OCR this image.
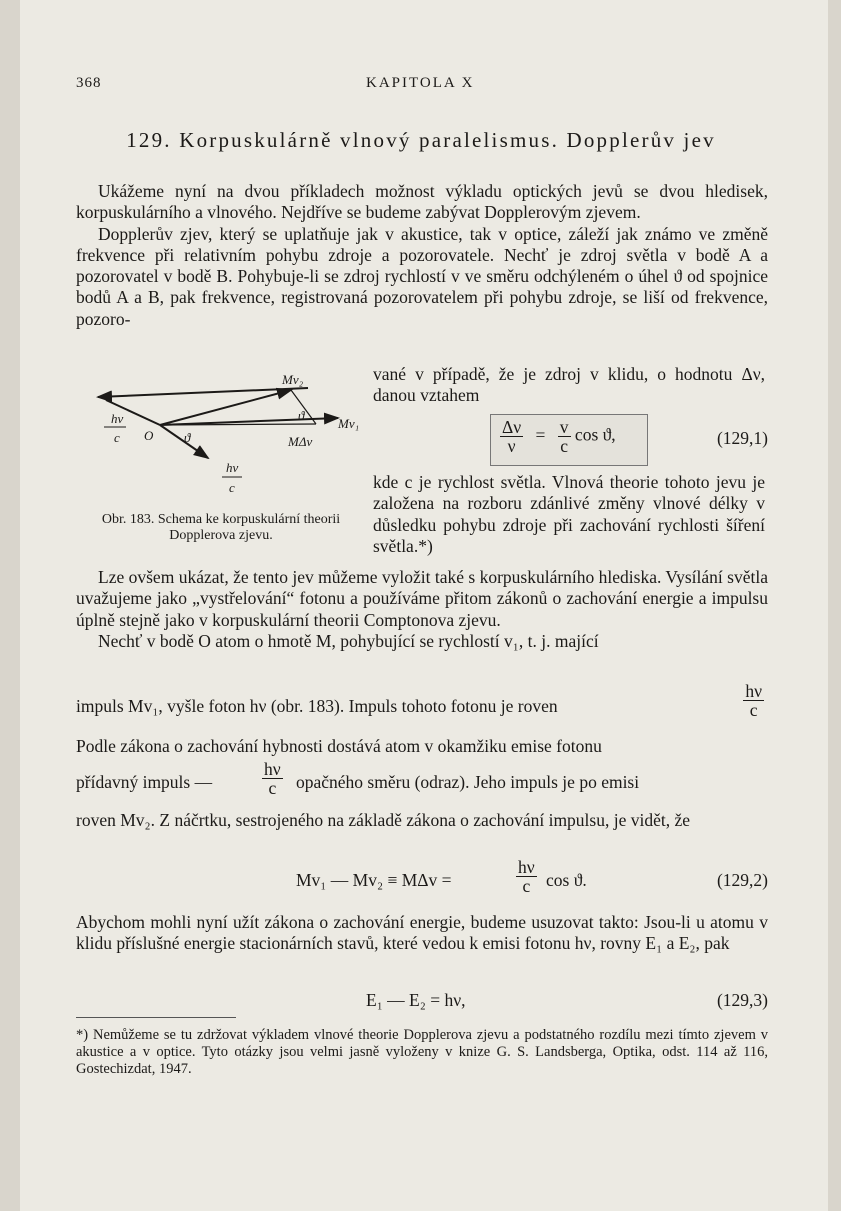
368	KAPITOLA X
129. Korpuskulárně vlnový paralelismus. Dopplerův jev

Ukážeme nyní na dvou příkladech možnost výkladu optických jevů se dvou hledisek, korpuskulárního a vlnového. Nejdříve se budeme zabývat Dopplerovým zjevem.

Dopplerův zjev, který se uplatňuje jak v akustice, tak v optice, záleží jak známo ve změně frekvence při relativním pohybu zdroje a pozorovatele. Nechť je zdroj světla v bodě A a pozorovatel v bodě B. Pohybuje-li se zdroj rychlostí v ve směru odchýleném o úhel ϑ od spojnice bodů A a B, pak frekvence, registrovaná pozorovatelem při pohybu zdroje, se liší od frekvence, pozoro-

Mv₂
Mv₁
MΔv
ϑ
ϑ
O
hν
c
hν
c
Obr. 183. Schema ke korpuskulární theorii Dopplerova zjevu.
vané v případě, že je zdroj v klidu, o hodnotu Δν, danou vztahem
$\frac{\Delta\nu}{\nu} = \frac{v}{c}$ cos ϑ,	(129,1)
kde c je rychlost světla. Vlnová theorie tohoto jevu je založena na rozboru zdánlivé změny vlnové délky v důsledku pohybu zdroje při zachování rychlosti šíření světla.*)

Lze ovšem ukázat, že tento jev můžeme vyložit také s korpuskulárního hlediska. Vysílání světla uvažujeme jako „vystřelování“ fotonu a používáme přitom zákonů o zachování energie a impulsu úplně stejně jako v korpuskulární theorii Comptonova zjevu.

Nechť v bodě O atom o hmotě M, pohybující se rychlostí v₁, t. j. mající

impuls Mv₁, vyšle foton hν (obr. 183). Impuls tohoto fotonu je roven	$\frac{h\nu}{c}$
Podle zákona o zachování hybnosti dostává atom v okamžiku emise fotonu
přídavný impuls —	$\frac{h\nu}{c}$ opačného směru (odraz). Jeho impuls je po emisi
roven Mv₂. Z náčrtku, sestrojeného na základě zákona o zachování impulsu, je vidět, že
Mv₁ — Mv₂ ≡ MΔv =	$\frac{h\nu}{c}$ cos ϑ.	(129,2)
Abychom mohli nyní užít zákona o zachování energie, budeme usuzovat takto: Jsou-li u atomu v klidu příslušné energie stacionárních stavů, které vedou k emisi fotonu hν, rovny E₁ a E₂, pak
E₁ — E₂ = hν,	(129,3)
*) Nemůžeme se tu zdržovat výkladem vlnové theorie Dopplerova zjevu a podstatného rozdílu mezi tímto zjevem v akustice a v optice. Tyto otázky jsou velmi jasně vyloženy v knize G. S. Landsberga, Optika, odst. 114 až 116, Gostechizdat, 1947.
